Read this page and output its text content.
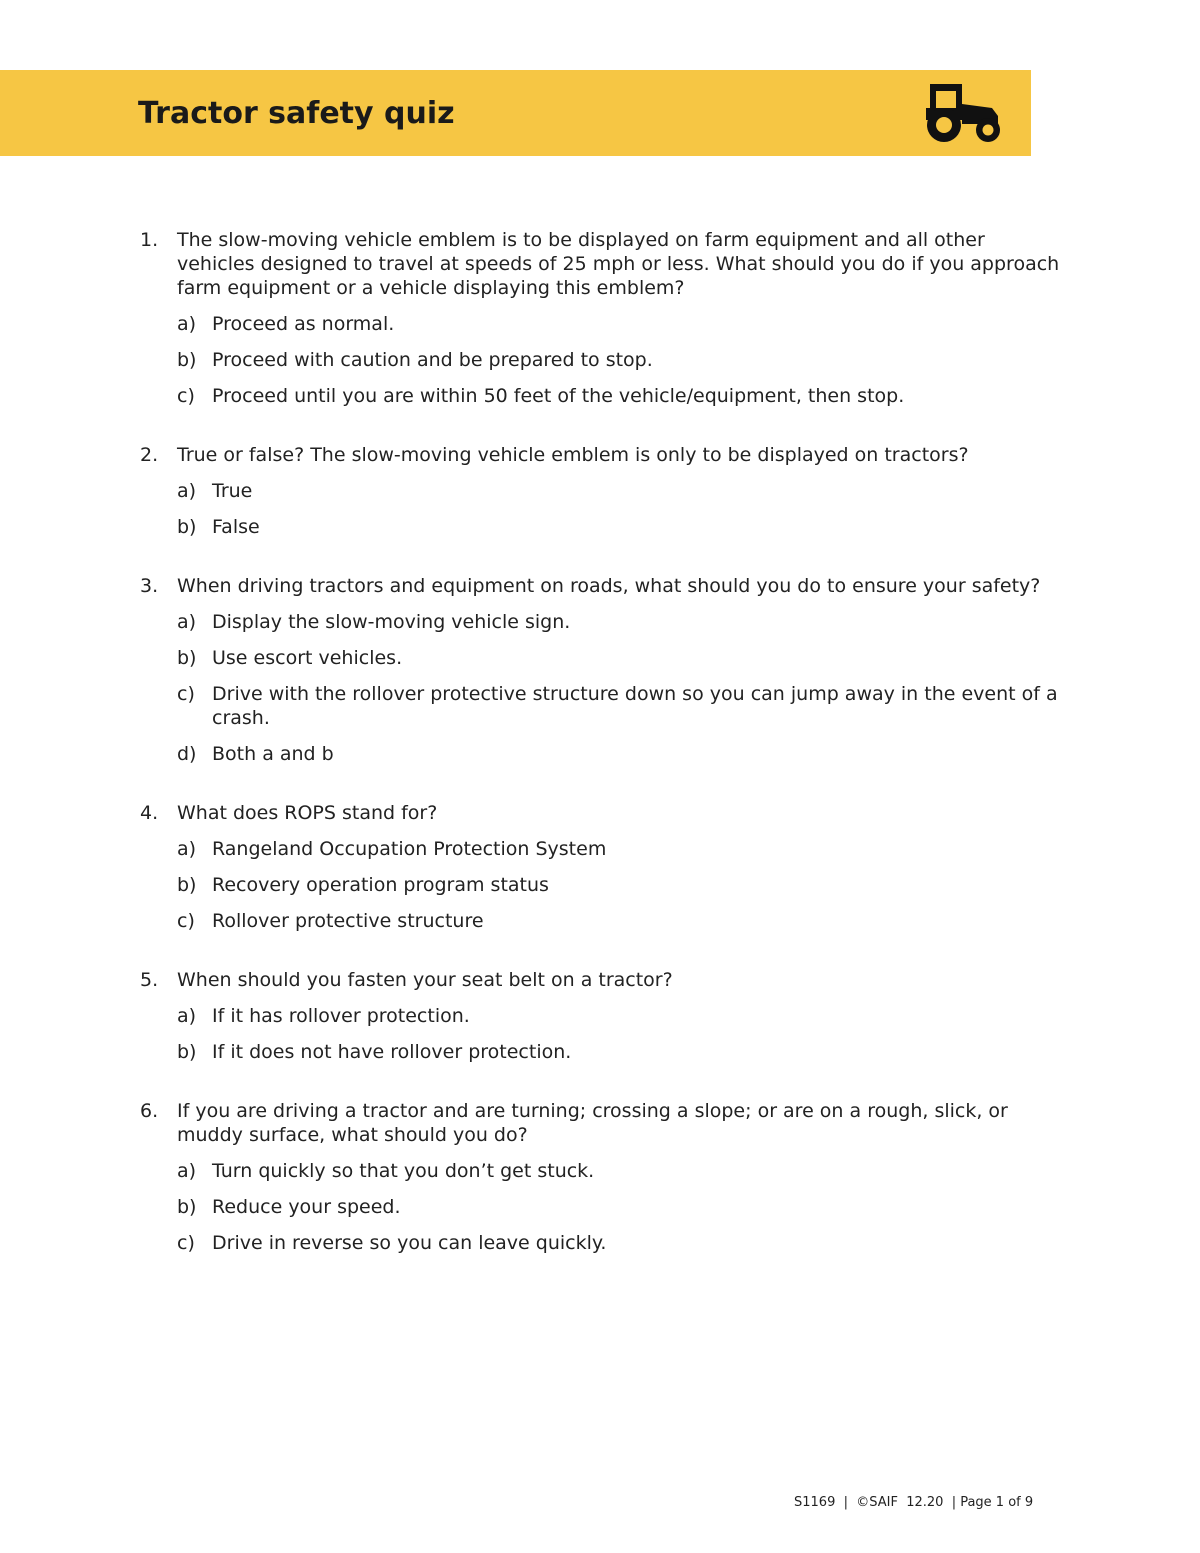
Tractor safety quiz
1. The slow-moving vehicle emblem is to be displayed on farm equipment and all other vehicles designed to travel at speeds of 25 mph or less. What should you do if you approach farm equipment or a vehicle displaying this emblem?
a) Proceed as normal.
b) Proceed with caution and be prepared to stop.
c) Proceed until you are within 50 feet of the vehicle/equipment, then stop.
2. True or false? The slow-moving vehicle emblem is only to be displayed on tractors?
a) True
b) False
3. When driving tractors and equipment on roads, what should you do to ensure your safety?
a) Display the slow-moving vehicle sign.
b) Use escort vehicles.
c) Drive with the rollover protective structure down so you can jump away in the event of a crash.
d) Both a and b
4. What does ROPS stand for?
a) Rangeland Occupation Protection System
b) Recovery operation program status
c) Rollover protective structure
5. When should you fasten your seat belt on a tractor?
a) If it has rollover protection.
b) If it does not have rollover protection.
6. If you are driving a tractor and are turning; crossing a slope; or are on a rough, slick, or muddy surface, what should you do?
a) Turn quickly so that you don’t get stuck.
b) Reduce your speed.
c) Drive in reverse so you can leave quickly.
S1169  |  ©SAIF  12.20  | Page 1 of 9
